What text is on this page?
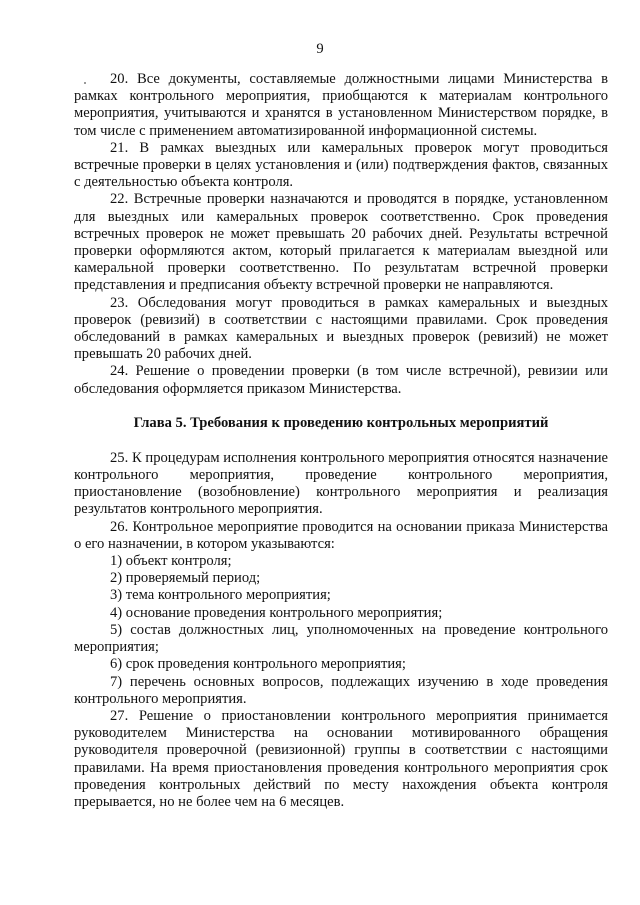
9

20. Все документы, составляемые должностными лицами Министерства в рамках контрольного мероприятия, приобщаются к материалам контрольного мероприятия, учитываются и хранятся в установленном Министерством порядке, в том числе с применением автоматизированной информационной системы.

21. В рамках выездных или камеральных проверок могут проводиться встречные проверки в целях установления и (или) подтверждения фактов, связанных с деятельностью объекта контроля.

22. Встречные проверки назначаются и проводятся в порядке, установленном для выездных или камеральных проверок соответственно. Срок проведения встречных проверок не может превышать 20 рабочих дней. Результаты встречной проверки оформляются актом, который прилагается к материалам выездной или камеральной проверки соответственно. По результатам встречной проверки представления и предписания объекту встречной проверки не направляются.

23. Обследования могут проводиться в рамках камеральных и выездных проверок (ревизий) в соответствии с настоящими правилами. Срок проведения обследований в рамках камеральных и выездных проверок (ревизий) не может превышать 20 рабочих дней.

24. Решение о проведении проверки (в том числе встречной), ревизии или обследования оформляется приказом Министерства.

Глава 5. Требования к проведению контрольных мероприятий

25. К процедурам исполнения контрольного мероприятия относятся назначение контрольного мероприятия, проведение контрольного мероприятия, приостановление (возобновление) контрольного мероприятия и реализация результатов контрольного мероприятия.

26. Контрольное мероприятие проводится на основании приказа Министерства о его назначении, в котором указываются:

1) объект контроля;

2) проверяемый период;

3) тема контрольного мероприятия;

4) основание проведения контрольного мероприятия;

5) состав должностных лиц, уполномоченных на проведение контрольного мероприятия;

6) срок проведения контрольного мероприятия;

7) перечень основных вопросов, подлежащих изучению в ходе проведения контрольного мероприятия.

27. Решение о приостановлении контрольного мероприятия принимается руководителем Министерства на основании мотивированного обращения руководителя проверочной (ревизионной) группы в соответствии с настоящими правилами. На время приостановления проведения контрольного мероприятия срок проведения контрольных действий по месту нахождения объекта контроля прерывается, но не более чем на 6 месяцев.
